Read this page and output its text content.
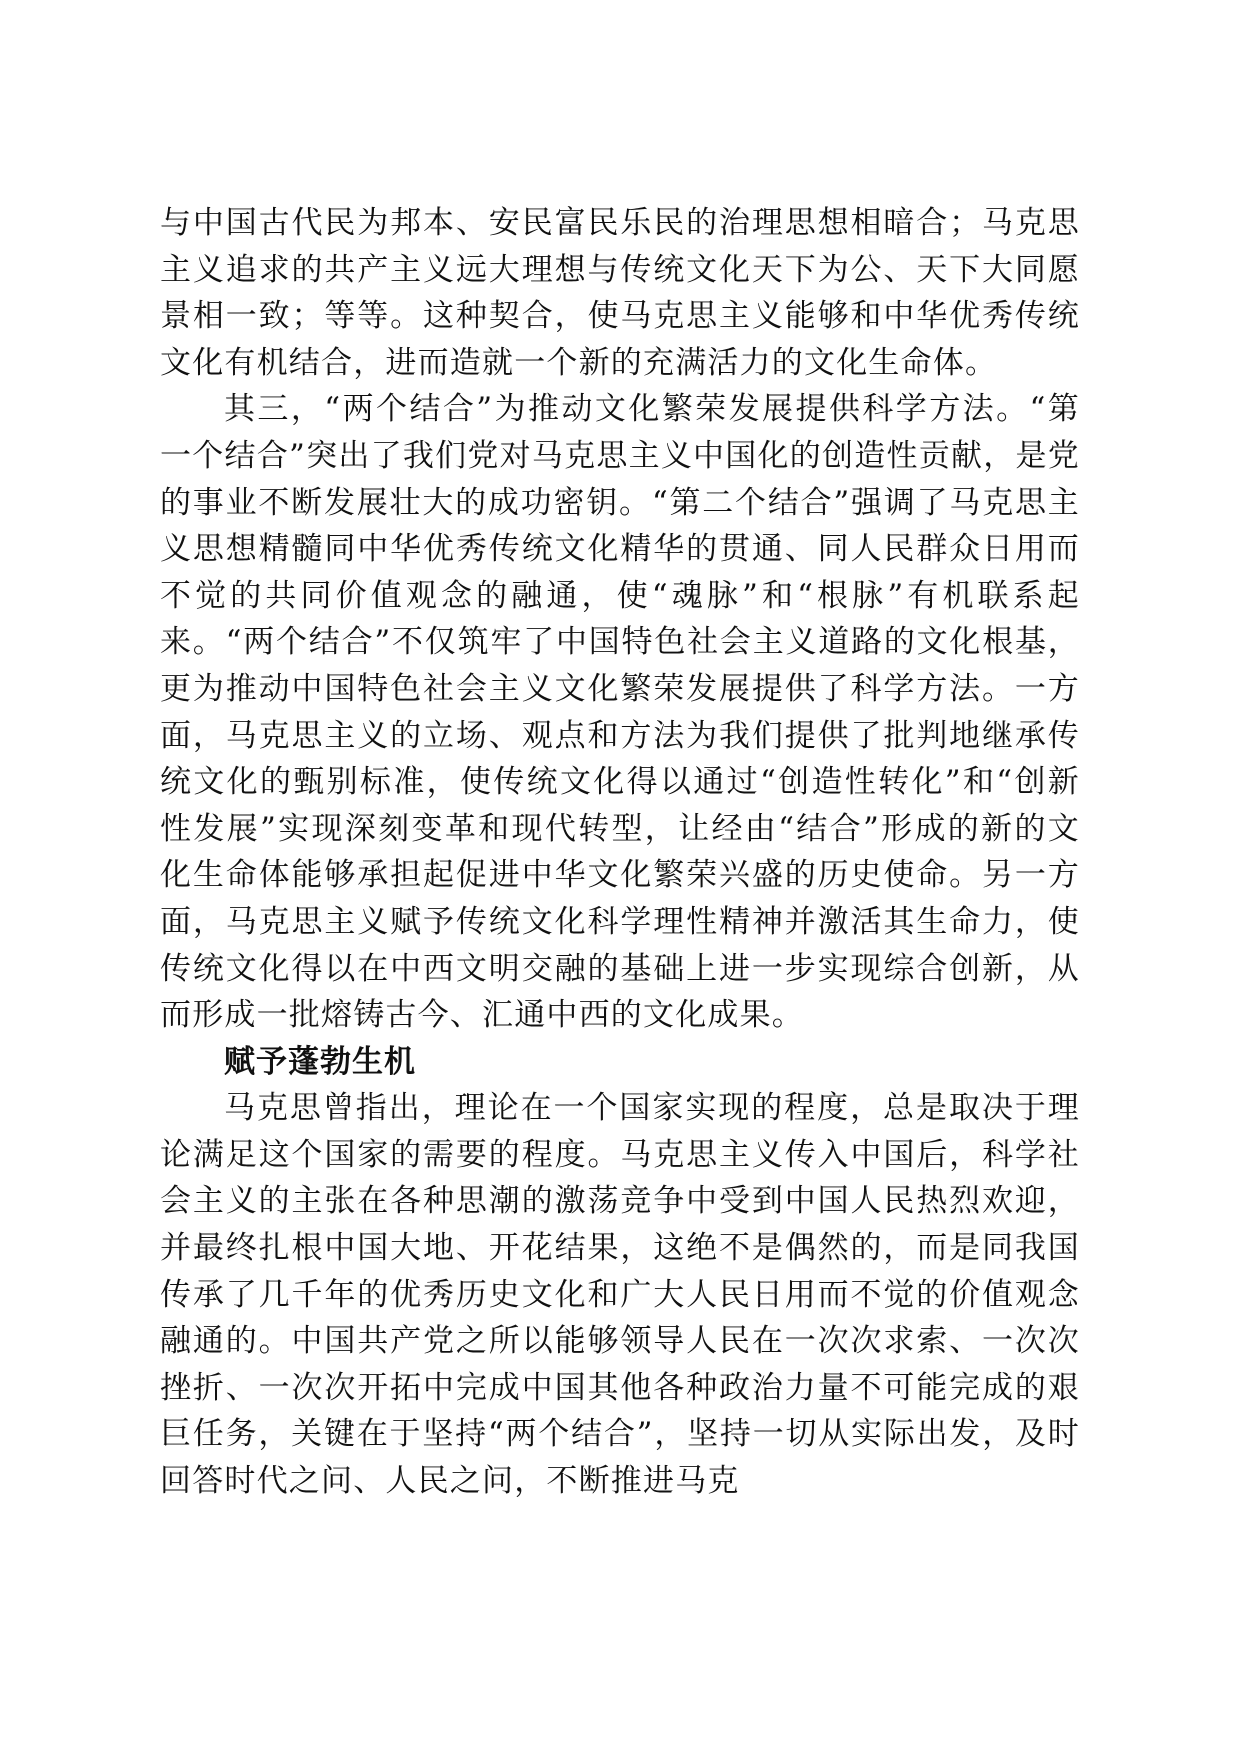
与中国古代民为邦本、安民富民乐民的治理思想相暗合；马克思主义追求的共产主义远大理想与传统文化天下为公、天下大同愿景相一致；等等。这种契合，使马克思主义能够和中华优秀传统文化有机结合，进而造就一个新的充满活力的文化生命体。

其三，“两个结合”为推动文化繁荣发展提供科学方法。“第一个结合”突出了我们党对马克思主义中国化的创造性贡献，是党的事业不断发展壮大的成功密钥。“第二个结合”强调了马克思主义思想精髓同中华优秀传统文化精华的贯通、同人民群众日用而不觉的共同价值观念的融通，使“魂脉”和“根脉”有机联系起来。“两个结合”不仅筑牢了中国特色社会主义道路的文化根基，更为推动中国特色社会主义文化繁荣发展提供了科学方法。一方面，马克思主义的立场、观点和方法为我们提供了批判地继承传统文化的甄别标准，使传统文化得以通过“创造性转化”和“创新性发展”实现深刻变革和现代转型，让经由“结合”形成的新的文化生命体能够承担起促进中华文化繁荣兴盛的历史使命。另一方面，马克思主义赋予传统文化科学理性精神并激活其生命力，使传统文化得以在中西文明交融的基础上进一步实现综合创新，从而形成一批熔铸古今、汇通中西的文化成果。

赋予蓬勃生机

马克思曾指出，理论在一个国家实现的程度，总是取决于理论满足这个国家的需要的程度。马克思主义传入中国后，科学社会主义的主张在各种思潮的激荡竞争中受到中国人民热烈欢迎，并最终扎根中国大地、开花结果，这绝不是偶然的，而是同我国传承了几千年的优秀历史文化和广大人民日用而不觉的价值观念融通的。中国共产党之所以能够领导人民在一次次求索、一次次挫折、一次次开拓中完成中国其他各种政治力量不可能完成的艰巨任务，关键在于坚持“两个结合”，坚持一切从实际出发，及时回答时代之问、人民之问，不断推进马克
